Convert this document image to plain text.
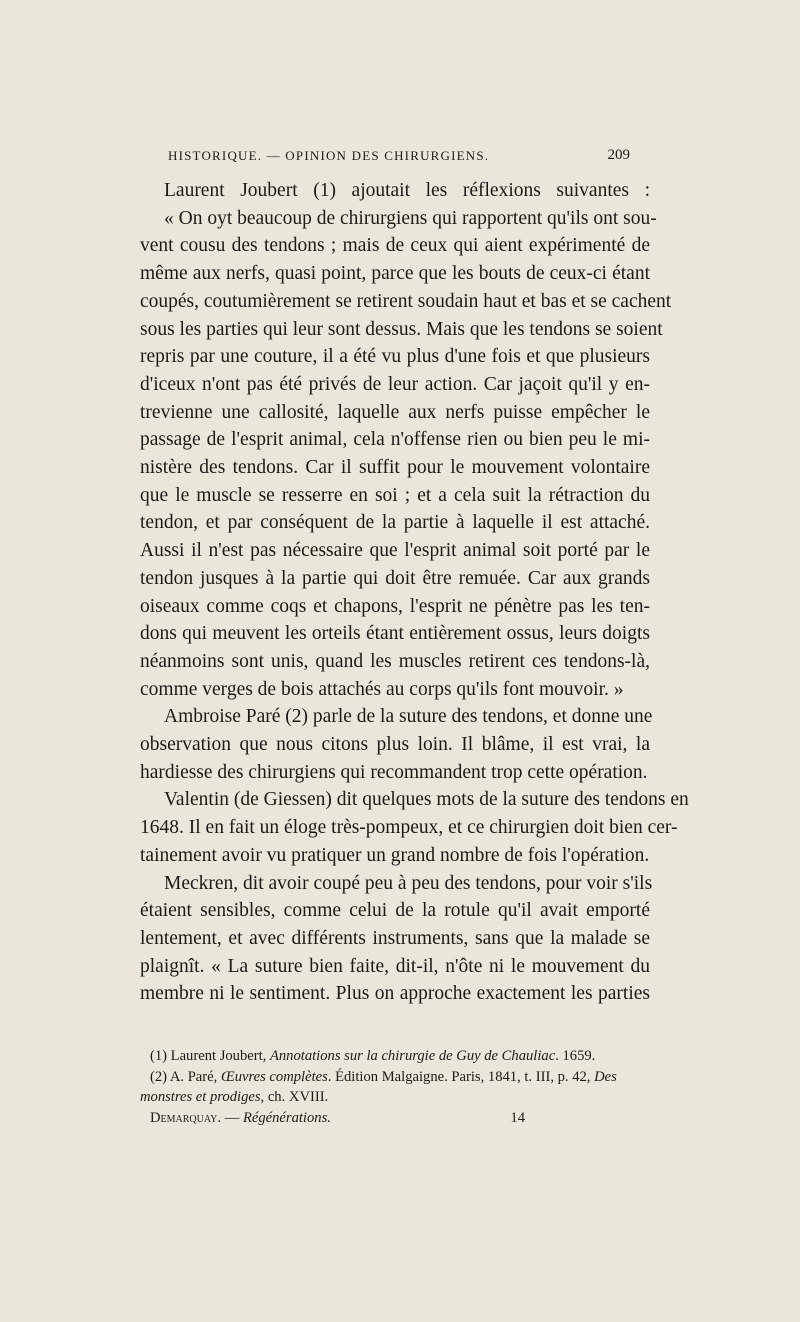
HISTORIQUE. — OPINION DES CHIRURGIENS.	209
Laurent Joubert (1) ajoutait les réflexions suivantes :
« On oyt beaucoup de chirurgiens qui rapportent qu'ils ont sou-
vent cousu des tendons ; mais de ceux qui aient expérimenté de
même aux nerfs, quasi point, parce que les bouts de ceux-ci étant
coupés, coutumièrement se retirent soudain haut et bas et se cachent
sous les parties qui leur sont dessus. Mais que les tendons se soient
repris par une couture, il a été vu plus d'une fois et que plusieurs
d'iceux n'ont pas été privés de leur action. Car jaçoit qu'il y en-
trevienne une callosité, laquelle aux nerfs puisse empêcher le
passage de l'esprit animal, cela n'offense rien ou bien peu le mi-
nistère des tendons. Car il suffit pour le mouvement volontaire
que le muscle se resserre en soi ; et a cela suit la rétraction du
tendon, et par conséquent de la partie à laquelle il est attaché.
Aussi il n'est pas nécessaire que l'esprit animal soit porté par le
tendon jusques à la partie qui doit être remuée. Car aux grands
oiseaux comme coqs et chapons, l'esprit ne pénètre pas les ten-
dons qui meuvent les orteils étant entièrement ossus, leurs doigts
néanmoins sont unis, quand les muscles retirent ces tendons-là,
comme verges de bois attachés au corps qu'ils font mouvoir. »
Ambroise Paré (2) parle de la suture des tendons, et donne une
observation que nous citons plus loin. Il blâme, il est vrai, la
hardiesse des chirurgiens qui recommandent trop cette opération.
Valentin (de Giessen) dit quelques mots de la suture des tendons en
1648. Il en fait un éloge très-pompeux, et ce chirurgien doit bien cer-
tainement avoir vu pratiquer un grand nombre de fois l'opération.
Meckren, dit avoir coupé peu à peu des tendons, pour voir s'ils
étaient sensibles, comme celui de la rotule qu'il avait emporté
lentement, et avec différents instruments, sans que la malade se
plaignît. « La suture bien faite, dit-il, n'ôte ni le mouvement du
membre ni le sentiment. Plus on approche exactement les parties
(1) Laurent Joubert, Annotations sur la chirurgie de Guy de Chauliac. 1659.
(2) A. Paré, Œuvres complètes. Édition Malgaigne. Paris, 1841, t. III, p. 42, Des
monstres et prodiges, ch. XVIII.
Demarquay. — Régénérations.	14
